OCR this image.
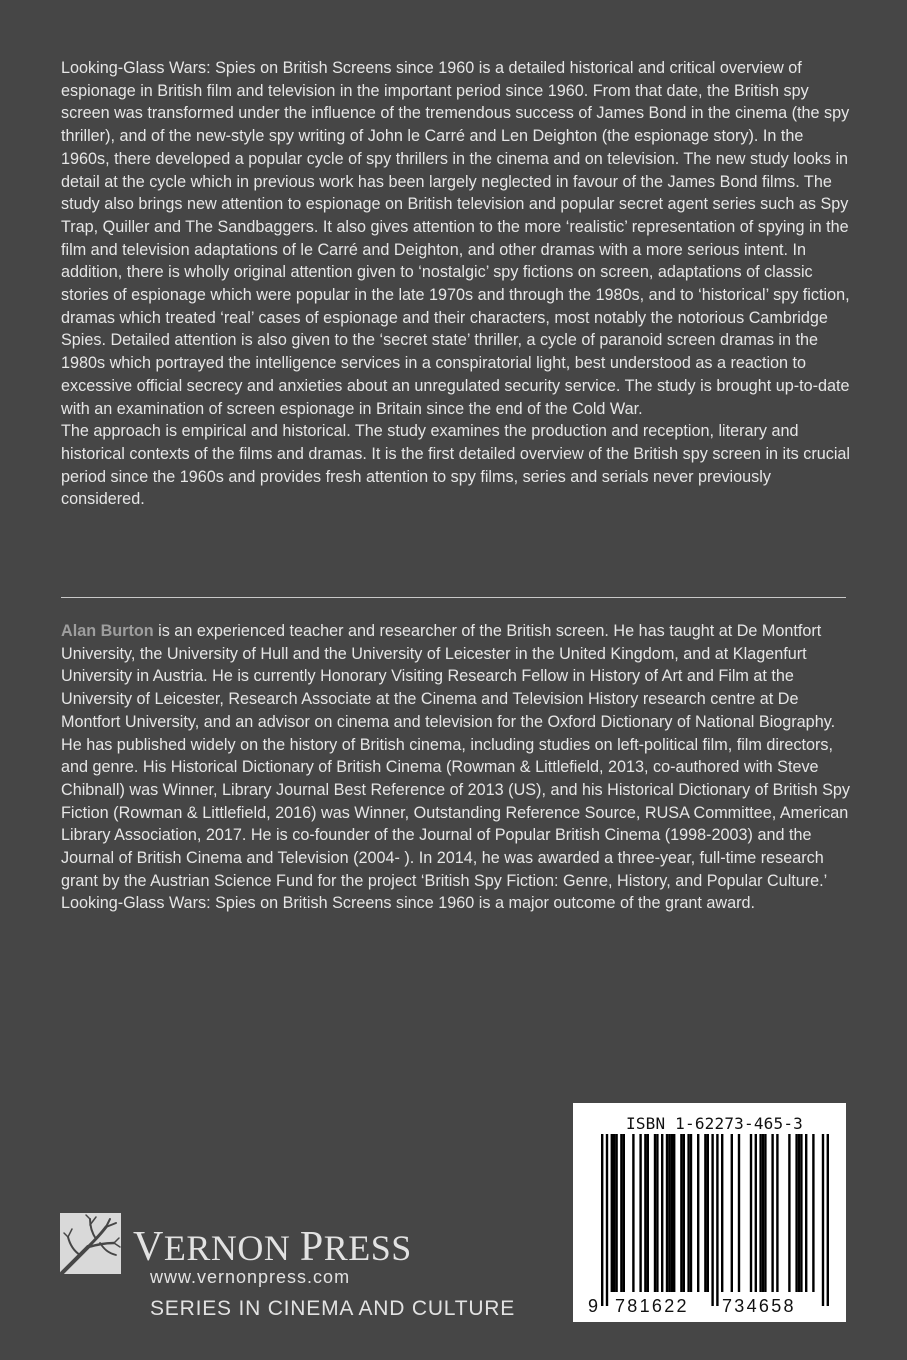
Looking-Glass Wars: Spies on British Screens since 1960 is a detailed historical and critical overview of espionage in British film and television in the important period since 1960. From that date, the British spy screen was transformed under the influence of the tremendous success of James Bond in the cinema (the spy thriller), and of the new-style spy writing of John le Carré and Len Deighton (the espionage story). In the 1960s, there developed a popular cycle of spy thrillers in the cinema and on television. The new study looks in detail at the cycle which in previous work has been largely neglected in favour of the James Bond films. The study also brings new attention to espionage on British television and popular secret agent series such as Spy Trap, Quiller and The Sandbaggers. It also gives attention to the more ‘realistic’ representation of spying in the film and television adaptations of le Carré and Deighton, and other dramas with a more serious intent. In addition, there is wholly original attention given to ‘nostalgic’ spy fictions on screen, adaptations of classic stories of espionage which were popular in the late 1970s and through the 1980s, and to ‘historical’ spy fiction, dramas which treated ‘real’ cases of espionage and their characters, most notably the notorious Cambridge Spies. Detailed attention is also given to the ‘secret state’ thriller, a cycle of paranoid screen dramas in the 1980s which portrayed the intelligence services in a conspiratorial light, best understood as a reaction to excessive official secrecy and anxieties about an unregulated security service. The study is brought up-to-date with an examination of screen espionage in Britain since the end of the Cold War.

The approach is empirical and historical. The study examines the production and reception, literary and historical contexts of the films and dramas. It is the first detailed overview of the British spy screen in its crucial period since the 1960s and provides fresh attention to spy films, series and serials never previously considered.

Alan Burton is an experienced teacher and researcher of the British screen. He has taught at De Montfort University, the University of Hull and the University of Leicester in the United Kingdom, and at Klagenfurt University in Austria. He is currently Honorary Visiting Research Fellow in History of Art and Film at the University of Leicester, Research Associate at the Cinema and Television History research centre at De Montfort University, and an advisor on cinema and television for the Oxford Dictionary of National Biography. He has published widely on the history of British cinema, including studies on left-political film, film directors, and genre. His Historical Dictionary of British Cinema (Rowman & Littlefield, 2013, co-authored with Steve Chibnall) was Winner, Library Journal Best Reference of 2013 (US), and his Historical Dictionary of British Spy Fiction (Rowman & Littlefield, 2016) was Winner, Outstanding Reference Source, RUSA Committee, American Library Association, 2017. He is co-founder of the Journal of Popular British Cinema (1998-2003) and the Journal of British Cinema and Television (2004- ). In 2014, he was awarded a three-year, full-time research grant by the Austrian Science Fund for the project ‘British Spy Fiction: Genre, History, and Popular Culture.’ Looking-Glass Wars: Spies on British Screens since 1960 is a major outcome of the grant award.

ISBN 1-62273-465-3
9 781622 734658
VERNON PRESS
www.vernonpress.com
SERIES IN CINEMA AND CULTURE
